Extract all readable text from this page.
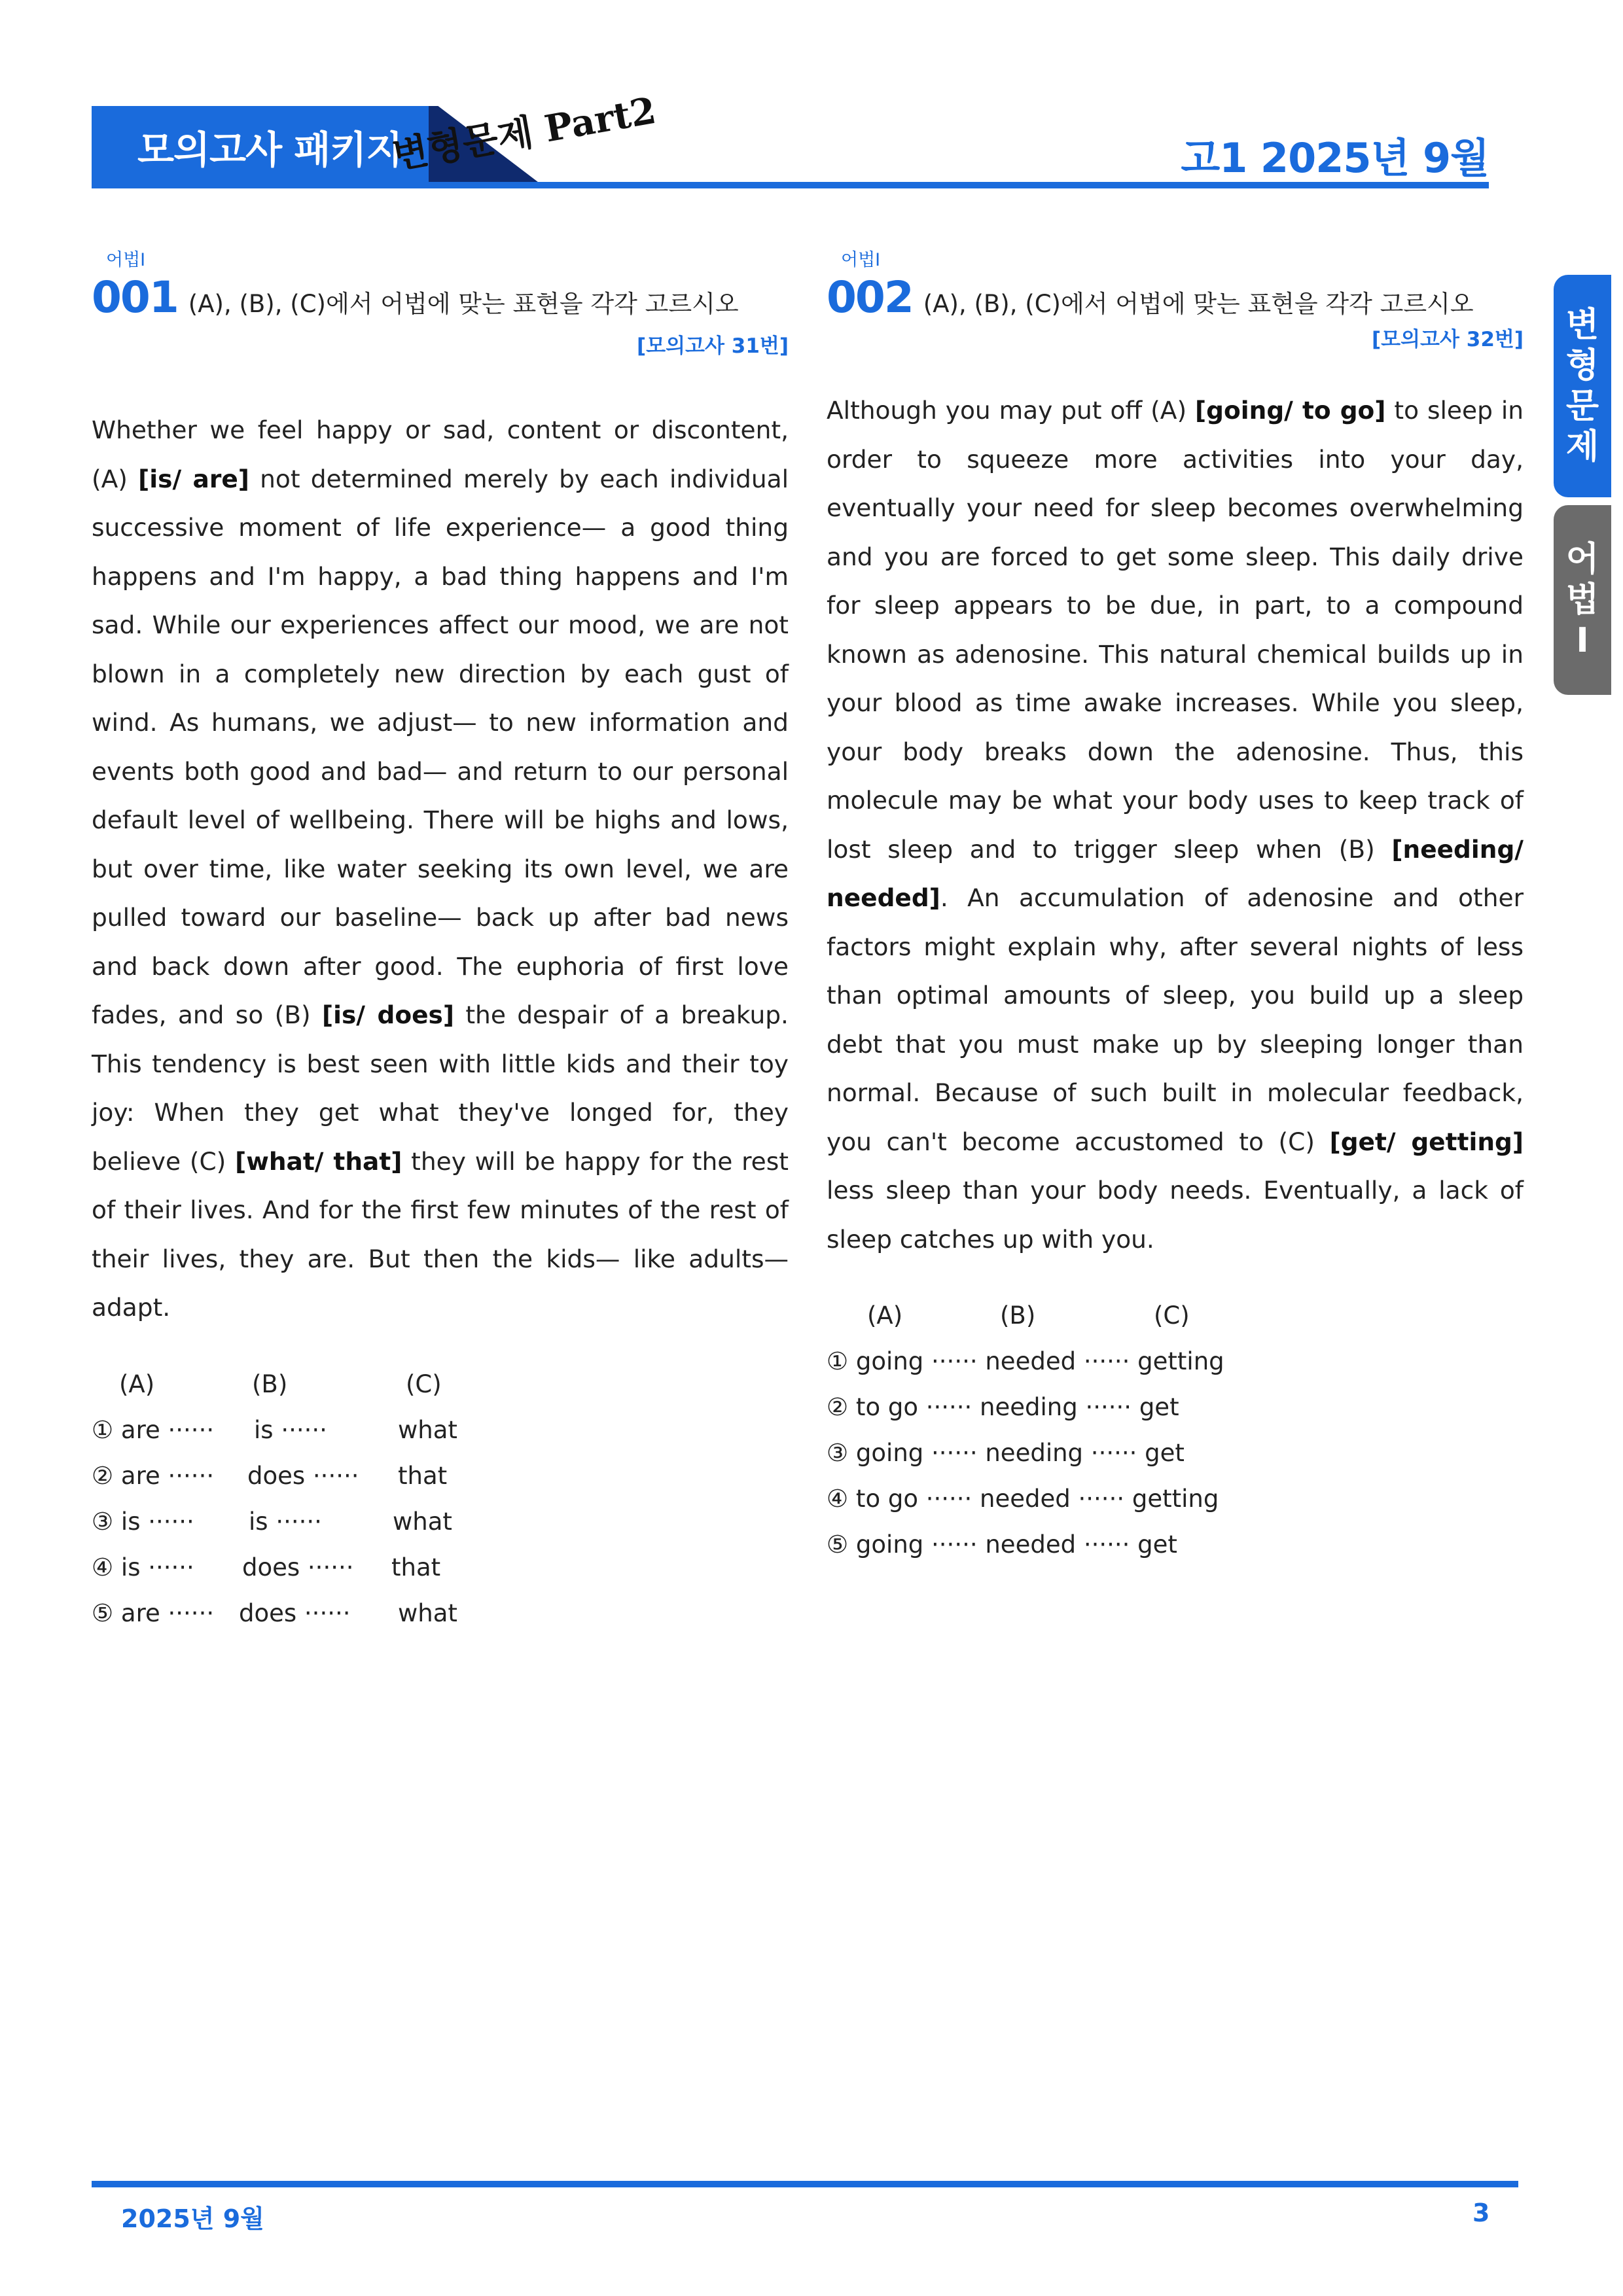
모의고사 패키지
변형문제 Part2	고1 2025년 9월
변
형
문
제
어
법
I
어법I
001 (A), (B), (C)에서 어법에 맞는 표현을 각각 고르시오
[모의고사 31번]
Whether we feel happy or sad, content or discontent, (A) [is/ are] not determined merely by each individual successive moment of life experience— a good thing happens and I'm happy, a bad thing happens and I'm sad. While our experiences affect our mood, we are not blown in a completely new direction by each gust of wind. As humans, we adjust— to new information and events both good and bad— and return to our personal default level of wellbeing. There will be highs and lows, but over time, like water seeking its own level, we are pulled toward our baseline— back up after bad news and back down after good. The euphoria of first love fades, and so (B) [is/ does] the despair of a breakup. This tendency is best seen with little kids and their toy joy: When they get what they've longed for, they believe (C) [what/ that] they will be happy for the rest of their lives. And for the first few minutes of the rest of their lives, they are. But then the kids— like adults— adapt.
(A)	(B)	(C)
① are ······ is ······	what
② are ······ does ······ that
③ is ······ is ······	what
④ is ······ does ······ that
⑤ are ······ does ······ what
어법I
002 (A), (B), (C)에서 어법에 맞는 표현을 각각 고르시오
[모의고사 32번]
Although you may put off (A) [going/ to go] to sleep in order to squeeze more activities into your day, eventually your need for sleep becomes overwhelming and you are forced to get some sleep. This daily drive for sleep appears to be due, in part, to a compound known as adenosine. This natural chemical builds up in your blood as time awake increases. While you sleep, your body breaks down the adenosine. Thus, this molecule may be what your body uses to keep track of lost sleep and to trigger sleep when (B) [needing/ needed]. An accumulation of adenosine and other factors might explain why, after several nights of less than optimal amounts of sleep, you build up a sleep debt that you must make up by sleeping longer than normal. Because of such built in molecular feedback, you can't become accustomed to (C) [get/ getting] less sleep than your body needs. Eventually, a lack of sleep catches up with you.
(A)	(B)	(C)
① going ······ needed ······ getting
② to go ······ needing ······ get
③ going ······ needing ······ get
④ to go ······ needed ······ getting
⑤ going ······ needed ······ get
2025년 9월	3
